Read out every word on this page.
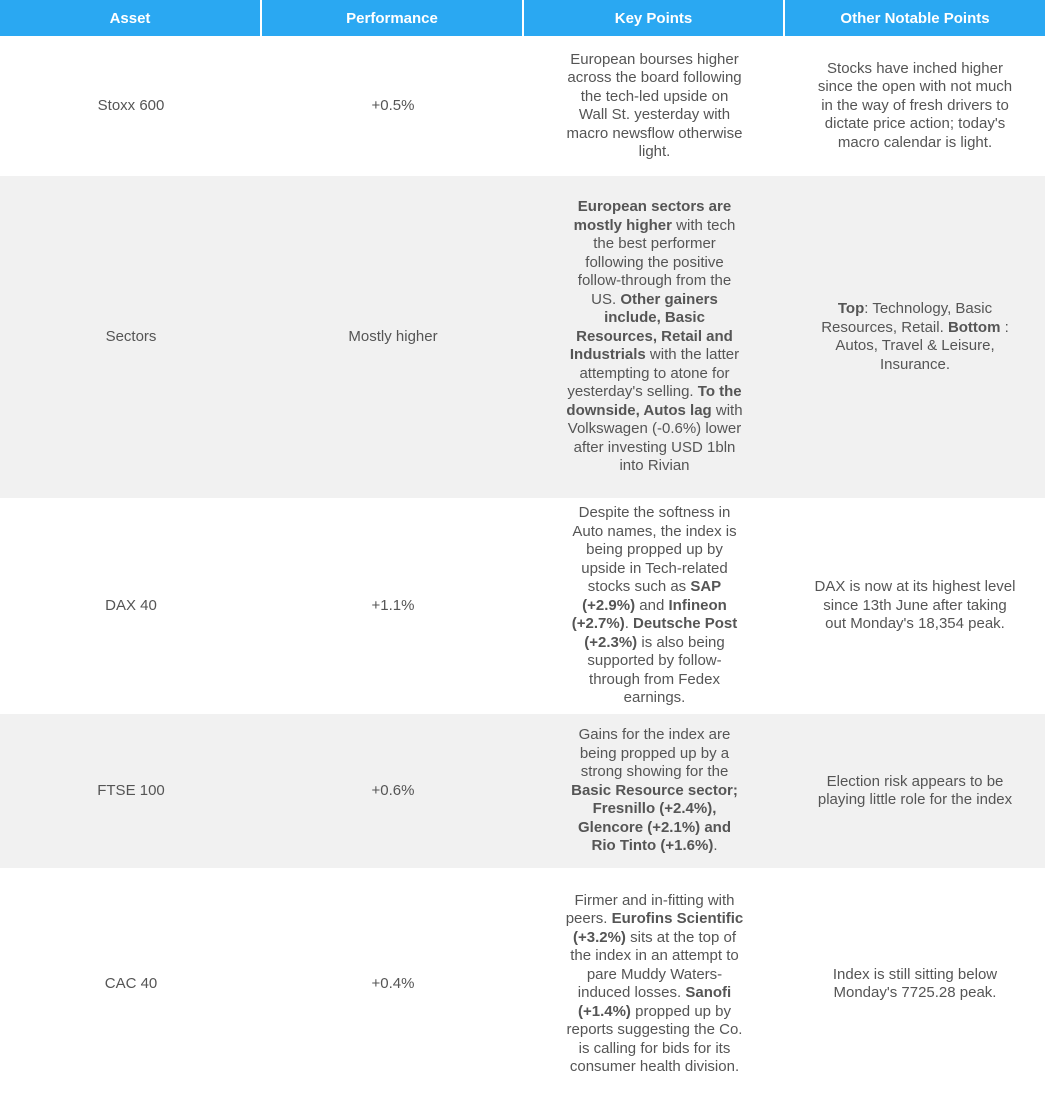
Asset	Performance	Key Points	Other Notable Points
Stoxx 600	+0.5%	European bourses higher across the board following the tech-led upside on Wall St. yesterday with macro newsflow otherwise light.	Stocks have inched higher since the open with not much in the way of fresh drivers to dictate price action; today's macro calendar is light.

Sectors	Mostly higher	European sectors are mostly higher with tech the best performer following the positive follow-through from the US. Other gainers include, Basic Resources, Retail and Industrials with the latter attempting to atone for yesterday's selling. To the downside, Autos lag with Volkswagen (-0.6%) lower after investing USD 1bln into Rivian	Top: Technology, Basic Resources, Retail. Bottom : Autos, Travel & Leisure, Insurance.

DAX 40	+1.1%	Despite the softness in Auto names, the index is being propped up by upside in Tech-related stocks such as SAP (+2.9%) and Infineon (+2.7%). Deutsche Post (+2.3%) is also being supported by follow-through from Fedex earnings.	DAX is now at its highest level since 13th June after taking out Monday's 18,354 peak.

FTSE 100	+0.6%	Gains for the index are being propped up by a strong showing for the Basic Resource sector; Fresnillo (+2.4%), Glencore (+2.1%) and Rio Tinto (+1.6%).	Election risk appears to be playing little role for the index

CAC 40	+0.4%	Firmer and in-fitting with peers. Eurofins Scientific (+3.2%) sits at the top of the index in an attempt to pare Muddy Waters-induced losses. Sanofi (+1.4%) propped up by reports suggesting the Co. is calling for bids for its consumer health division.	Index is still sitting below Monday's 7725.28 peak.
